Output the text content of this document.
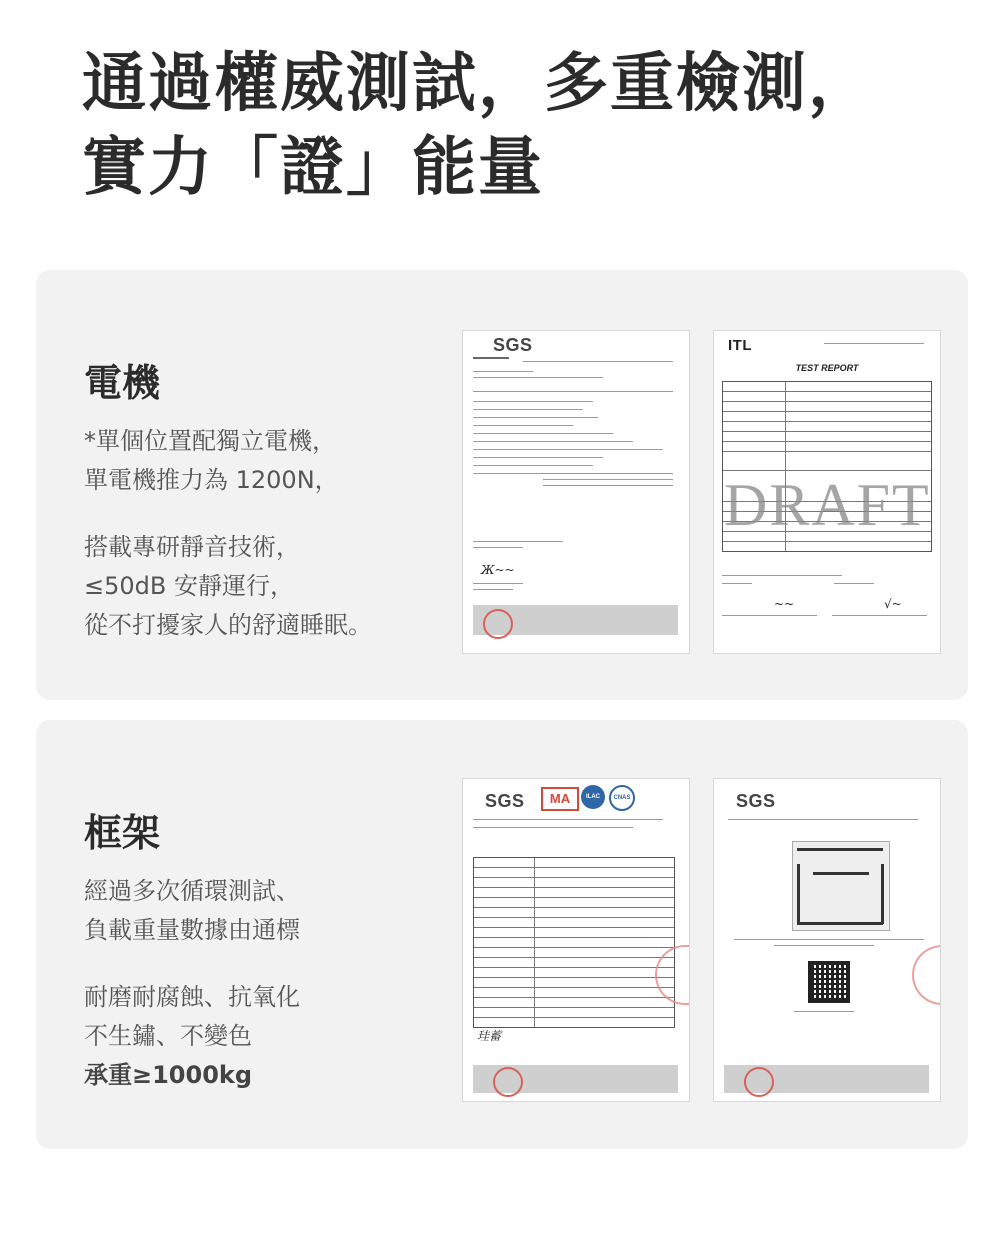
通過權威測試，多重檢測，
實力「證」能量
電機
*單個位置配獨立電機，
單電機推力為 1200N，
搭載專研靜音技術，
≤50dB 安靜運行，
從不打擾家人的舒適睡眠。
SGS
Ж~~
ITL
TEST REPORT
DRAFT
~~	√~
框架
經過多次循環測試、
負載重量數據由通標
耐磨耐腐蝕、抗氧化
不生鏽、不變色
承重≥1000kg
SGS	MA	ILAC	CNAS
珪蓄
SGS
